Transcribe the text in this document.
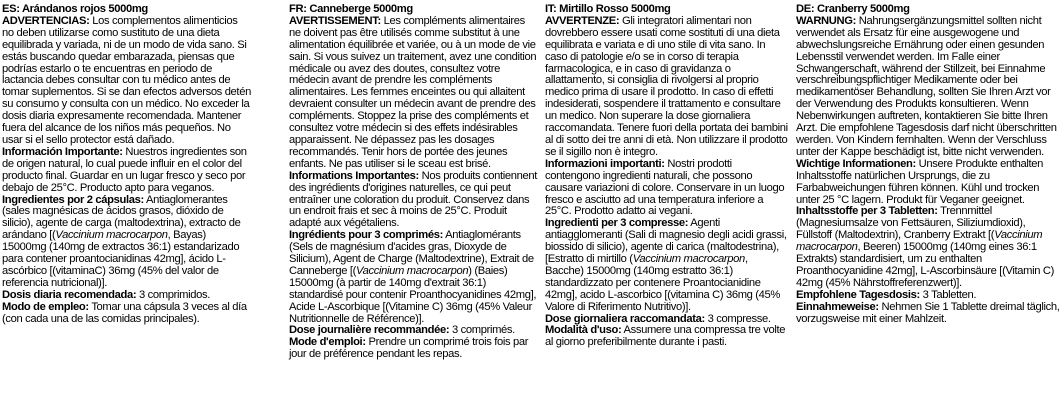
ES: Arándanos rojos 5000mg

ADVERTENCIAS: Los complementos alimenticios no deben utilizarse como sustituto de una dieta equilibrada y variada, ni de un modo de vida sano. Si estás buscando quedar embarazada, piensas que podrías estarlo o te encuentras en periodo de lactancia debes consultar con tu médico antes de tomar suplementos. Si se dan efectos adversos detén su consumo y consulta con un médico. No exceder la dosis diaria expresamente recomendada. Mantener fuera del alcance de los niños más pequeños. No usar si el sello protector está dañado.

Información Importante: Nuestros ingredientes son de origen natural, lo cual puede influir en el color del producto final. Guardar en un lugar fresco y seco por debajo de 25°C. Producto apto para veganos.

Ingredientes por 2 cápsulas: Antiaglomerantes (sales magnésicas de ácidos grasos, dióxido de silicio), agente de carga (maltodextrina), extracto de arándano [(Vaccinium macrocarpon, Bayas) 15000mg (140mg de extractos 36:1) estandarizado para contener proantocianidinas 42mg], ácido L-ascórbico [(vitaminaC) 36mg (45% del valor de referencia nutricional)].

Dosis diaria recomendada: 3 comprimidos.

Modo de empleo: Tomar una cápsula 3 veces al día (con cada una de las comidas principales).

FR: Canneberge 5000mg

AVERTISSEMENT: Les compléments alimentaires ne doivent pas être utilisés comme substitut à une alimentation équilibrée et variée, ou à un mode de vie sain. Si vous suivez un traitement, avez une condition médicale ou avez des doutes, consultez votre médecin avant de prendre les compléments alimentaires. Les femmes enceintes ou qui allaitent devraient consulter un médecin avant de prendre des compléments. Stoppez la prise des compléments et consultez votre médecin si des effets indésirables apparaissent. Ne dépassez pas les dosages recommandés. Tenir hors de portée des jeunes enfants. Ne pas utiliser si le sceau est brisé.

Informations Importantes: Nos produits contiennent des ingrédients d'origines naturelles, ce qui peut entraîner une coloration du produit. Conservez dans un endroit frais et sec à moins de 25°C. Produit adapté aux végétaliens.

Ingrédients pour 3 comprimés: Antiaglomérants (Sels de magnésium d'acides gras, Dioxyde de Silicium), Agent de Charge (Maltodextrine), Extrait de Canneberge [(Vaccinium macrocarpon) (Baies) 15000mg (à partir de 140mg d'extrait 36:1) standardisé pour contenir Proanthocyanidines 42mg], Acide L-Ascorbique [(Vitamine C) 36mg (45% Valeur Nutritionnelle de Référence)].

Dose journalière recommandée: 3 comprimés.

Mode d'emploi: Prendre un comprimé trois fois par jour de préférence pendant les repas.

IT: Mirtillo Rosso 5000mg

AVVERTENZE: Gli integratori alimentari non dovrebbero essere usati come sostituti di una dieta equilibrata e variata e di uno stile di vita sano. In caso di patologie e/o se in corso di terapia farmacologica, e in caso di gravidanza o allattamento, si consiglia di rivolgersi al proprio medico prima di usare il prodotto. In caso di effetti indesiderati, sospendere il trattamento e consultare un medico. Non superare la dose giornaliera raccomandata. Tenere fuori della portata dei bambini al di sotto dei tre anni di età. Non utilizzare il prodotto se il sigillo non è integro.

Informazioni importanti: Nostri prodotti contengono ingredienti naturali, che possono causare variazioni di colore. Conservare in un luogo fresco e asciutto ad una temperatura inferiore a 25°C. Prodotto adatto ai vegani.

Ingredienti per 3 compresse: Agenti antiagglomeranti (Sali di magnesio degli acidi grassi, biossido di silicio), agente di carica (maltodestrina), [Estratto di mirtillo (Vaccinium macrocarpon, Bacche) 15000mg (140mg estratto 36:1) standardizzato per contenere Proantocianidine 42mg], acido L-ascorbico [(vitamina C) 36mg (45% Valore di Riferimento Nutritivo)].

Dose giornaliera raccomandata: 3 compresse.

Modalità d'uso: Assumere una compressa tre volte al giorno preferibilmente durante i pasti.

DE: Cranberry 5000mg

WARNUNG: Nahrungsergänzungsmittel sollten nicht verwendet als Ersatz für eine ausgewogene und abwechslungsreiche Ernährung oder einen gesunden Lebensstil verwendet werden. Im Falle einer Schwangerschaft, während der Stillzeit, bei Einnahme verschreibungspflichtiger Medikamente oder bei medikamentöser Behandlung, sollten Sie Ihren Arzt vor der Verwendung des Produkts konsultieren. Wenn Nebenwirkungen auftreten, kontaktieren Sie bitte Ihren Arzt. Die empfohlene Tagesdosis darf nicht überschritten werden. Von Kindern fernhalten. Wenn der Verschluss unter der Kappe beschädigt ist, bitte nicht verwenden.

Wichtige Informationen: Unsere Produkte enthalten Inhaltsstoffe natürlichen Ursprungs, die zu Farbabweichungen führen können. Kühl und trocken unter 25 °C lagern. Produkt für Veganer geeignet.

Inhaltsstoffe per 3 Tabletten: Trennmittel (Magnesiumsalze von Fettsäuren, Siliziumdioxid), Füllstoff (Maltodextrin), Cranberry Extrakt [(Vaccinium macrocarpon, Beeren) 15000mg (140mg eines 36:1 Extrakts) standardisiert, um zu enthalten Proanthocyanidine 42mg], L-Ascorbinsäure [(Vitamin C) 42mg (45% Nährstoffreferenzwert)].

Empfohlene Tagesdosis: 3 Tabletten.

Einnahmeweise: Nehmen Sie 1 Tablette dreimal täglich, vorzugsweise mit einer Mahlzeit.
